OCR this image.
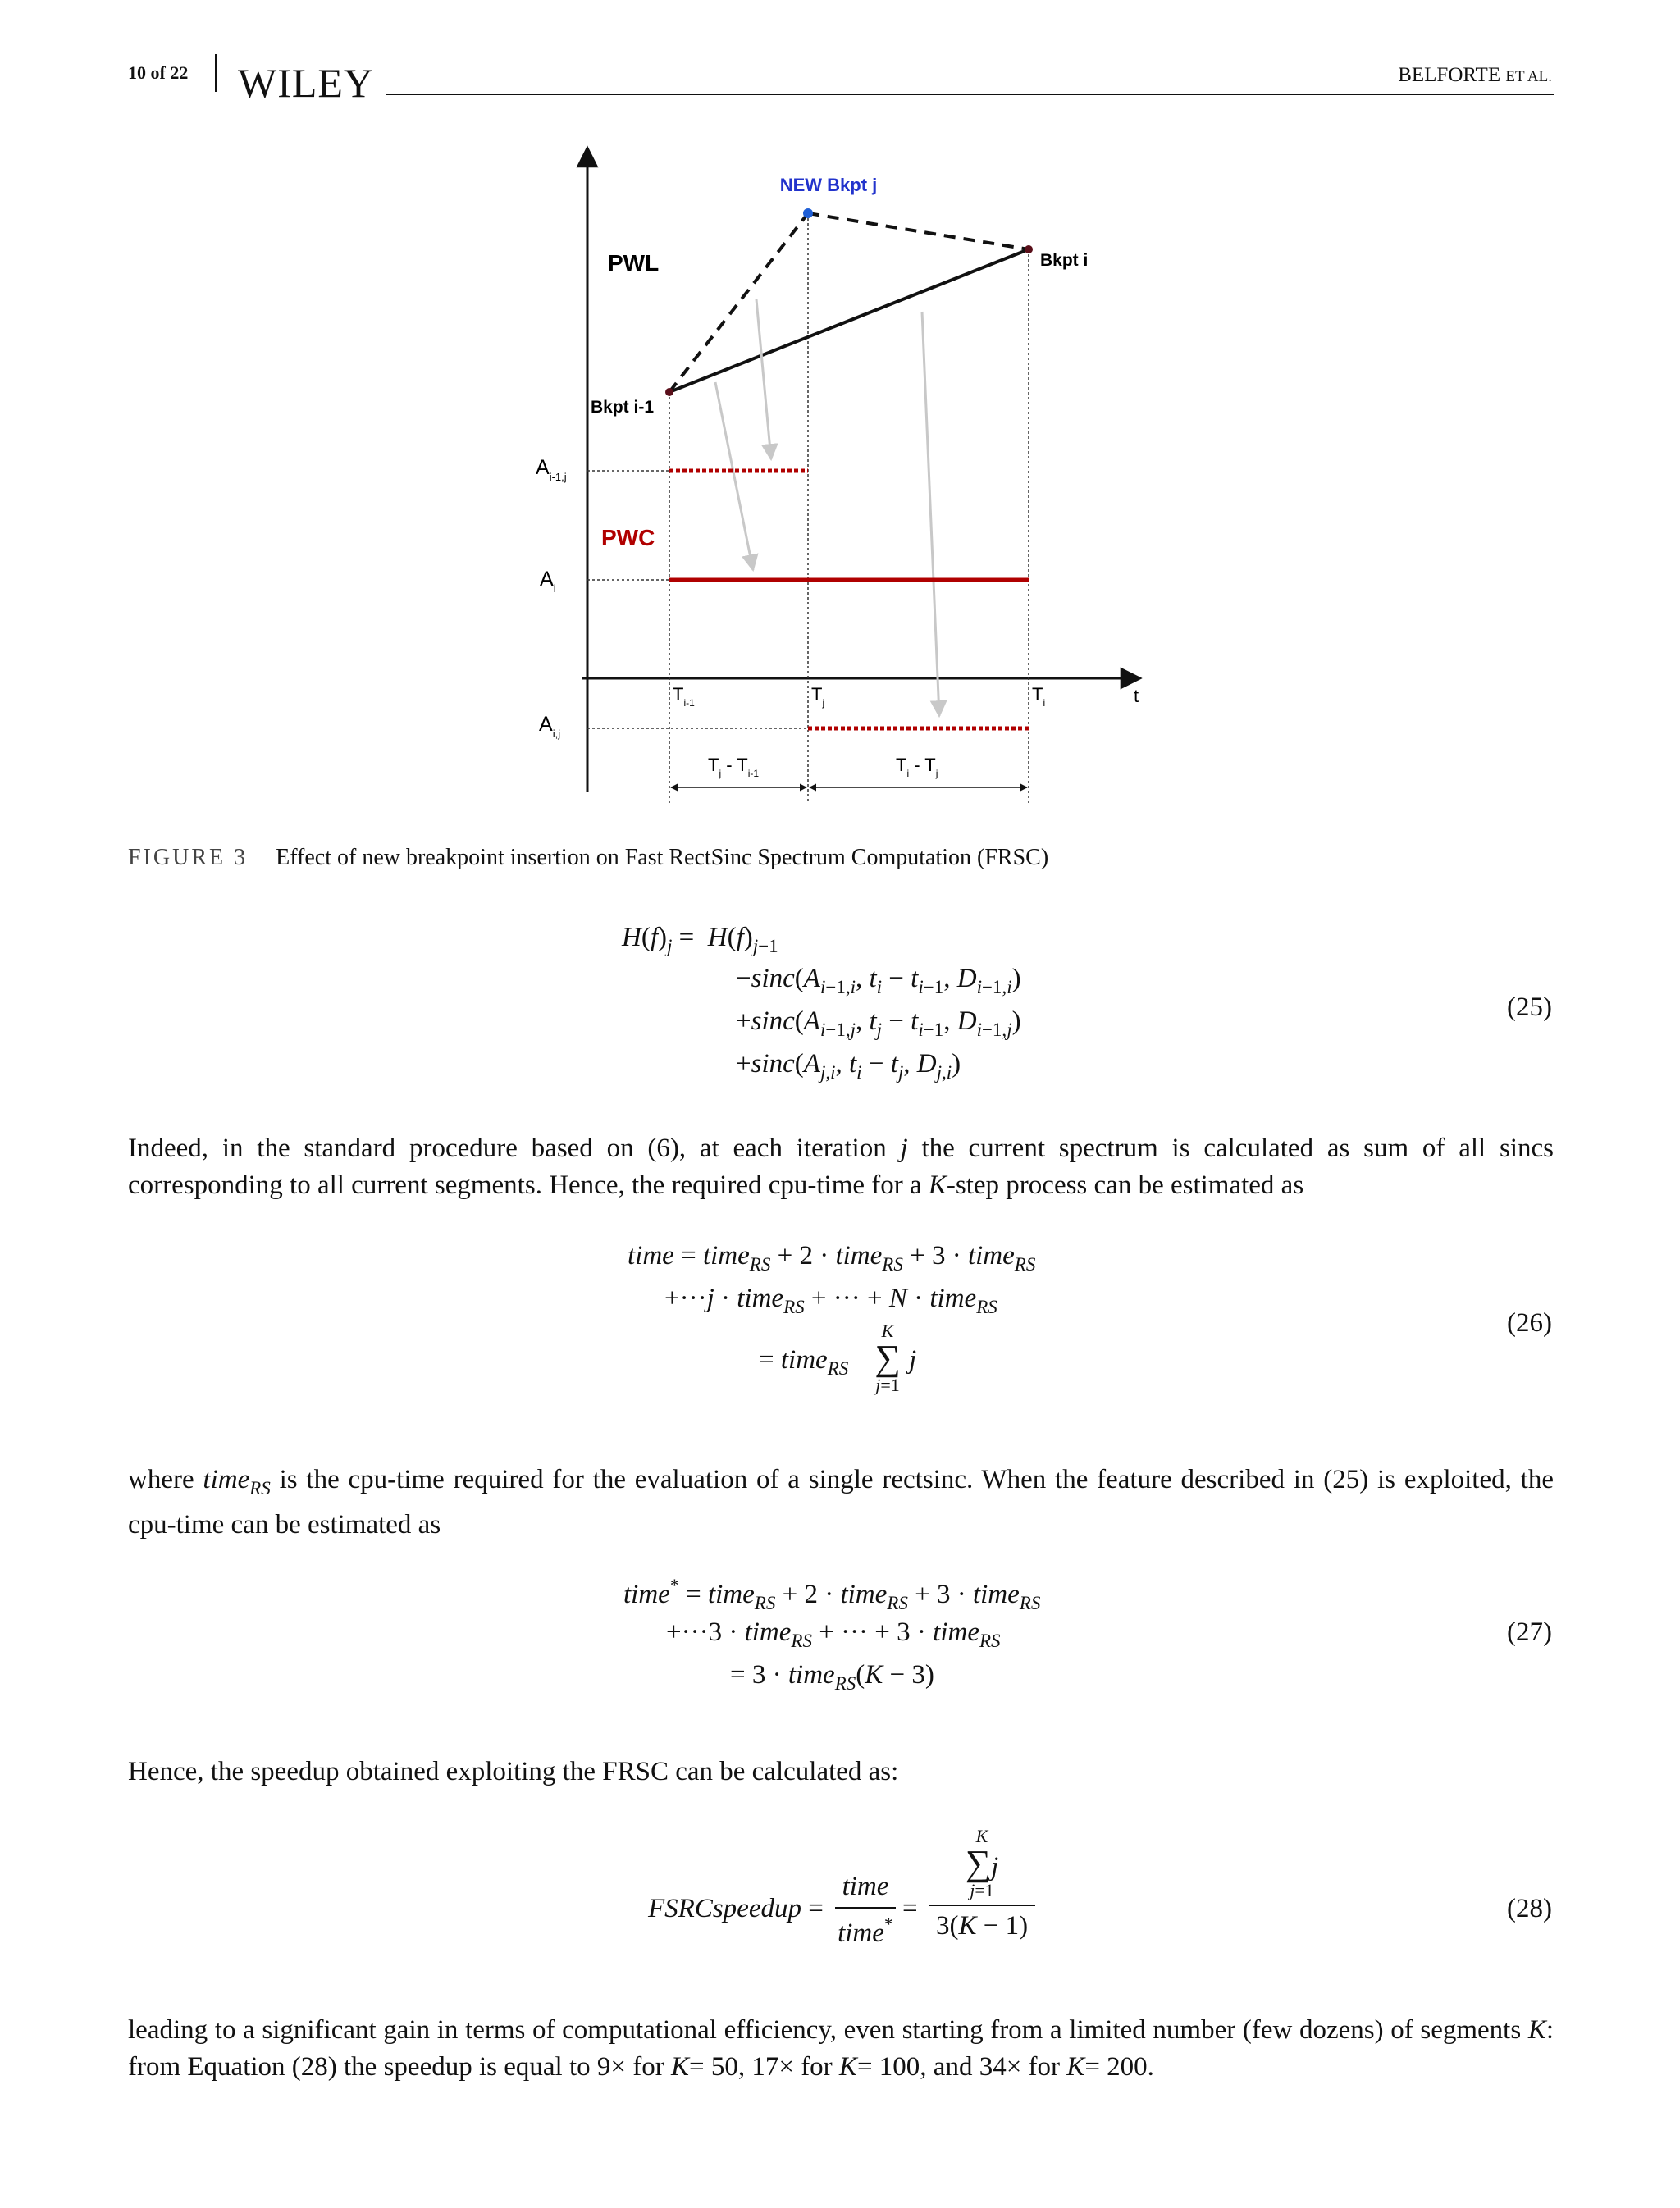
10 of 22 WILEY	BELFORTE ET AL.
NEW Bkpt j
Bkpt i
PWL
Bkpt i-1
PWC
$A_{i-1,j}$
$A_i$
$A_{i,j}$
$T_{i-1}$	$T_j$	$T_i$	t
$T_j - T_{i-1}$	$T_i - T_j$
FIGURE 3 Effect of new breakpoint insertion on Fast RectSinc Spectrum Computation (FRSC)
$H(f)_j = H(f)_{j-1}$
$-\sin c(A_{i-1,i}$, $t_i - t_{i-1}$, $D_{i-1,i}$)
$+\sin c(A_{i-1,j}$, $t_j - t_{i-1}$, $D_{i-1,j}$)
$+\sin c(A_{j,i}$, $t_i - t_j$, $D_{j,i}$)
(25)
Indeed, in the standard procedure based on (6), at each iteration j the current spectrum is calculated as sum of all sincs corresponding to all current segments. Hence, the required cpu-time for a K-step process can be estimated as
time = time$_{RS}$ + 2 · time$_{RS}$ + 3 · time$_{RS}$
+···j · time$_{RS}$ + ··· + N · time$_{RS}$
= time$_{RS}$
K
∑
j=1
j
(26)
where time$_{RS}$ is the cpu-time required for the evaluation of a single rectsinc. When the feature described in (25) is exploited, the cpu-time can be estimated as
time* = time$_{RS}$ + 2 · time$_{RS}$ + 3 · time$_{RS}$
+···3 · time$_{RS}$ + ··· + 3 · time$_{RS}$
= 3 · time$_{RS}$(K − 3)
(27)
Hence, the speedup obtained exploiting the FRSC can be calculated as:
FSRCspeedup =
time
time*
=
K
∑j
j=1
3(K − 1)
(28)
leading to a significant gain in terms of computational efficiency, even starting from a limited number (few dozens) of segments K: from Equation (28) the speedup is equal to 9× for K= 50, 17× for K= 100, and 34× for K= 200.
